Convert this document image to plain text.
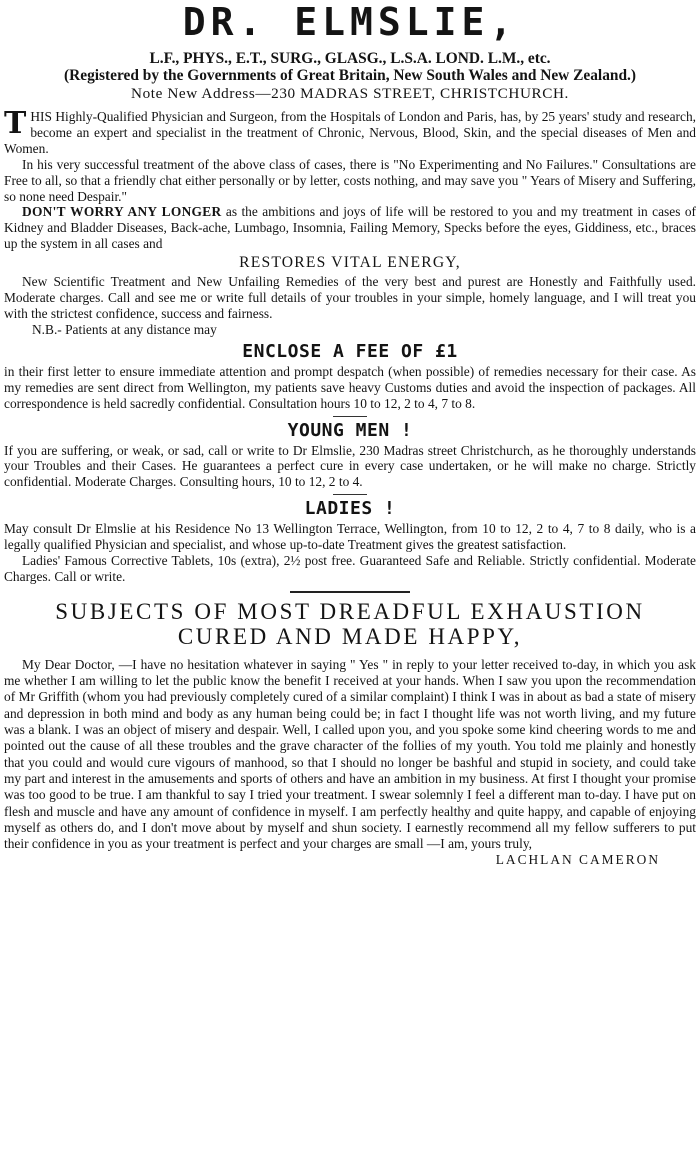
DR. ELMSLIE,

L.F., PHYS., E.T., SURG., GLASG., L.S.A. LOND. L.M., etc.

(Registered by the Governments of Great Britain, New South Wales and New Zealand.)

Note New Address—230 MADRAS STREET, CHRISTCHURCH.

THIS Highly-Qualified Physician and Surgeon, from the Hospitals of London and Paris, has, by 25 years' study and research, become an expert and specialist in the treatment of Chronic, Nervous, Blood, Skin, and the special diseases of Men and Women.

In his very successful treatment of the above class of cases, there is "No Experimenting and No Failures." Consultations are Free to all, so that a friendly chat either personally or by letter, costs nothing, and may save you " Years of Misery and Suffering, so none need Despair."

DON'T WORRY ANY LONGER as the ambitions and joys of life will be restored to you and my treatment in cases of Kidney and Bladder Diseases, Back-ache, Lumbago, Insomnia, Failing Memory, Specks before the eyes, Giddiness, etc., braces up the system in all cases and

RESTORES VITAL ENERGY,

New Scientific Treatment and New Unfailing Remedies of the very best and purest are Honestly and Faithfully used. Moderate charges. Call and see me or write full details of your troubles in your simple, homely language, and I will treat you with the strictest confidence, success and fairness.

N.B.- Patients at any distance may

ENCLOSE A FEE OF £1

in their first letter to ensure immediate attention and prompt despatch (when possible) of remedies necessary for their case. As my remedies are sent direct from Wellington, my patients save heavy Customs duties and avoid the inspection of packages. All correspondence is held sacredly confidential. Consultation hours 10 to 12, 2 to 4, 7 to 8.

YOUNG MEN !

If you are suffering, or weak, or sad, call or write to Dr Elmslie, 230 Madras street Christchurch, as he thoroughly understands your Troubles and their Cases. He guarantees a perfect cure in every case undertaken, or he will make no charge. Strictly confidential. Moderate Charges. Consulting hours, 10 to 12, 2 to 4.

LADIES !

May consult Dr Elmslie at his Residence No 13 Wellington Terrace, Wellington, from 10 to 12, 2 to 4, 7 to 8 daily, who is a legally qualified Physician and specialist, and whose up-to-date Treatment gives the greatest satisfaction.

Ladies' Famous Corrective Tablets, 10s (extra), 2½ post free. Guaranteed Safe and Reliable. Strictly confidential. Moderate Charges. Call or write.

SUBJECTS OF MOST DREADFUL EXHAUSTION

CURED AND MADE HAPPY,

My Dear Doctor, —I have no hesitation whatever in saying " Yes " in reply to your letter received to-day, in which you ask me whether I am willing to let the public know the benefit I received at your hands. When I saw you upon the recommendation of Mr Griffith (whom you had previously completely cured of a similar complaint) I think I was in about as bad a state of misery and depression in both mind and body as any human being could be; in fact I thought life was not worth living, and my future was a blank. I was an object of misery and despair. Well, I called upon you, and you spoke some kind cheering words to me and pointed out the cause of all these troubles and the grave character of the follies of my youth. You told me plainly and honestly that you could and would cure vigours of manhood, so that I should no longer be bashful and stupid in society, and could take my part and interest in the amusements and sports of others and have an ambition in my business. At first I thought your promise was too good to be true. I am thankful to say I tried your treatment. I swear solemnly I feel a different man to-day. I have put on flesh and muscle and have any amount of confidence in myself. I am perfectly healthy and quite happy, and capable of enjoying myself as others do, and I don't move about by myself and shun society. I earnestly recommend all my fellow sufferers to put their confidence in you as your treatment is perfect and your charges are small —I am, yours truly,

LACHLAN CAMERON
